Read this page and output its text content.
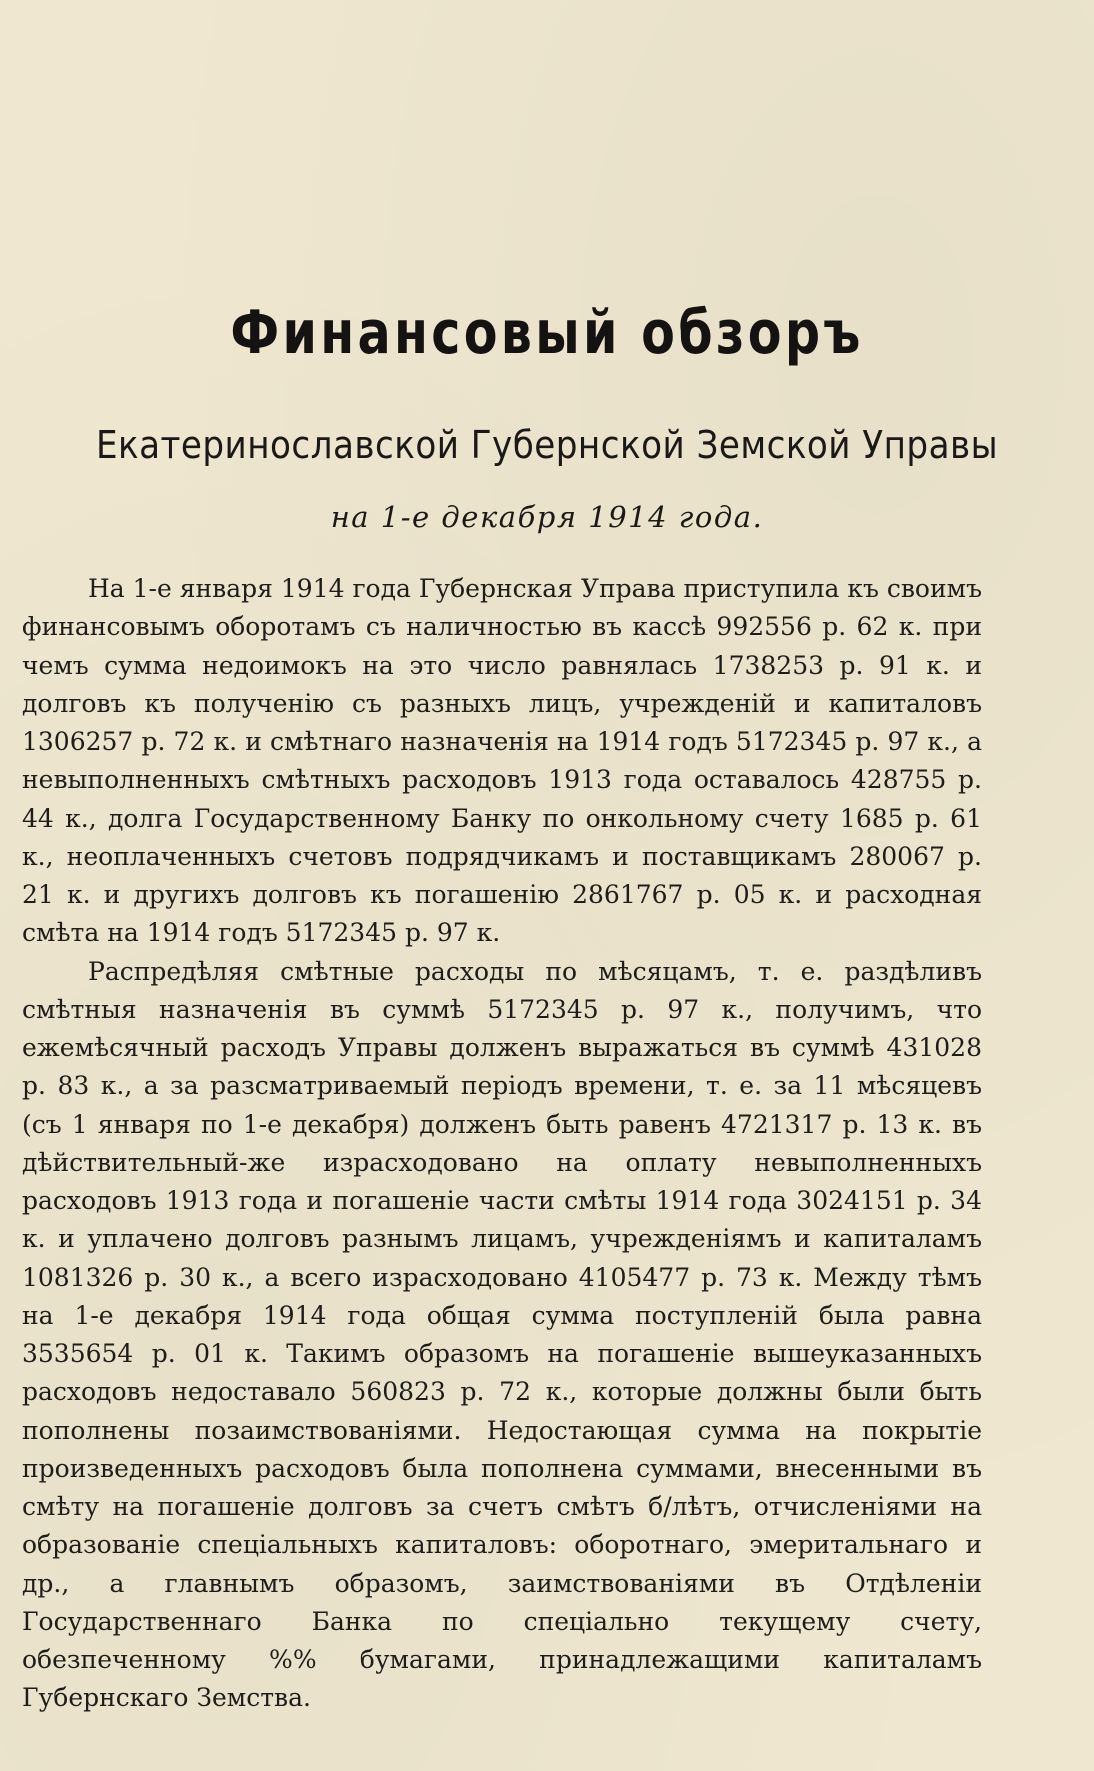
Финансовый обзоръ
Екатеринославской Губернской Земской Управы
на 1-е декабря 1914 года.

На 1-е января 1914 года Губернская Управа приступила къ своимъ финансовымъ оборотамъ съ наличностью въ кассѣ 992556 р. 62 к. при чемъ сумма недоимокъ на это число равнялась 1738253 р. 91 к. и долговъ къ полученію съ разныхъ лицъ, учрежденій и капиталовъ 1306257 р. 72 к. и смѣтнаго назначенія на 1914 годъ 5172345 р. 97 к., а невыполненныхъ смѣтныхъ расходовъ 1913 года оставалось 428755 р. 44 к., долга Государственному Банку по онкольному счету 1685 р. 61 к., неоплаченныхъ счетовъ подрядчикамъ и поставщикамъ 280067 р. 21 к. и другихъ долговъ къ погашенію 2861767 р. 05 к. и расходная смѣта на 1914 годъ 5172345 р. 97 к.

Распредѣляя смѣтные расходы по мѣсяцамъ, т. е. раздѣливъ смѣтныя назначенія въ суммѣ 5172345 р. 97 к., получимъ, что ежемѣсячный расходъ Управы долженъ выражаться въ суммѣ 431028 р. 83 к., а за разсматриваемый періодъ времени, т. е. за 11 мѣсяцевъ (съ 1 января по 1-е декабря) долженъ быть равенъ 4721317 р. 13 к. въ дѣйствительный-же израсходовано на оплату невыполненныхъ расходовъ 1913 года и погашеніе части смѣты 1914 года 3024151 р. 34 к. и уплачено долговъ разнымъ лицамъ, учрежденіямъ и капиталамъ 1081326 р. 30 к., а всего израсходовано 4105477 р. 73 к. Между тѣмъ на 1-е декабря 1914 года общая сумма поступленій была равна 3535654 р. 01 к. Такимъ образомъ на погашеніе вышеуказанныхъ расходовъ недоставало 560823 р. 72 к., которые должны были быть пополнены позаимствованіями. Недостающая сумма на покрытіе произведенныхъ расходовъ была пополнена суммами, внесенными въ смѣту на погашеніе долговъ за счетъ смѣтъ б/лѣтъ, отчисленіями на образованіе спеціальныхъ капиталовъ: оборотнаго, эмеритальнаго и др., а главнымъ образомъ, заимствованіями въ Отдѣленіи Государственнаго Банка по спеціально текущему счету, обезпеченному %% бумагами, принадлежащими капиталамъ Губернскаго Земства.
